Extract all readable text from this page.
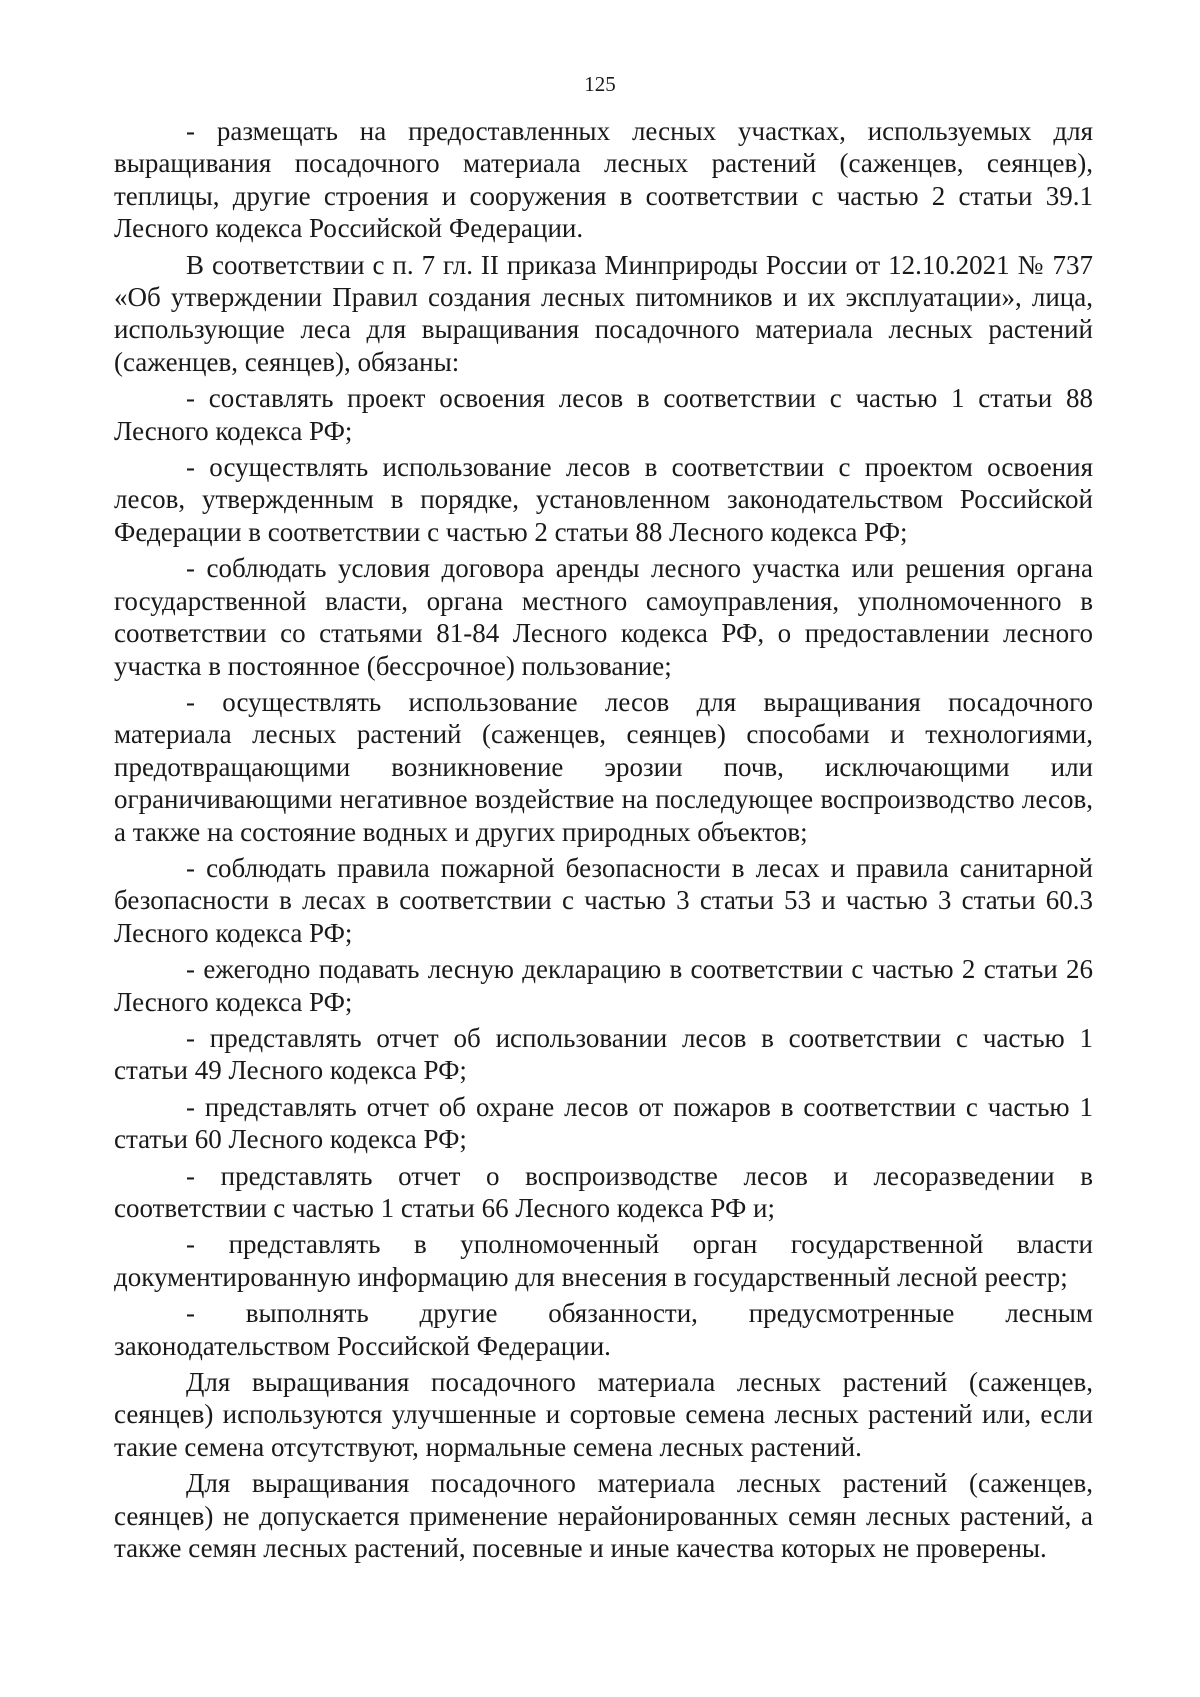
125

- размещать на предоставленных лесных участках, используемых для выращивания посадочного материала лесных растений (саженцев, сеянцев), теплицы, другие строения и сооружения в соответствии с частью 2 статьи 39.1 Лесного кодекса Российской Федерации.

В соответствии с п. 7 гл. II приказа Минприроды России от 12.10.2021 № 737 «Об утверждении Правил создания лесных питомников и их эксплуатации», лица, использующие леса для выращивания посадочного материала лесных растений (саженцев, сеянцев), обязаны:

- составлять проект освоения лесов в соответствии с частью 1 статьи 88 Лесного кодекса РФ;

- осуществлять использование лесов в соответствии с проектом освоения лесов, утвержденным в порядке, установленном законодательством Российской Федерации в соответствии с частью 2 статьи 88 Лесного кодекса РФ;

- соблюдать условия договора аренды лесного участка или решения органа государственной власти, органа местного самоуправления, уполномоченного в соответствии со статьями 81-84 Лесного кодекса РФ, о предоставлении лесного участка в постоянное (бессрочное) пользование;

- осуществлять использование лесов для выращивания посадочного материала лесных растений (саженцев, сеянцев) способами и технологиями, предотвращающими возникновение эрозии почв, исключающими или ограничивающими негативное воздействие на последующее воспроизводство лесов, а также на состояние водных и других природных объектов;

- соблюдать правила пожарной безопасности в лесах и правила санитарной безопасности в лесах в соответствии с частью 3 статьи 53 и частью 3 статьи 60.3 Лесного кодекса РФ;

- ежегодно подавать лесную декларацию в соответствии с частью 2 статьи 26 Лесного кодекса РФ;

- представлять отчет об использовании лесов в соответствии с частью 1 статьи 49 Лесного кодекса РФ;

- представлять отчет об охране лесов от пожаров в соответствии с частью 1 статьи 60 Лесного кодекса РФ;

- представлять отчет о воспроизводстве лесов и лесоразведении в соответствии с частью 1 статьи 66 Лесного кодекса РФ и;

- представлять в уполномоченный орган государственной власти документированную информацию для внесения в государственный лесной реестр;

- выполнять другие обязанности, предусмотренные лесным законодательством Российской Федерации.

Для выращивания посадочного материала лесных растений (саженцев, сеянцев) используются улучшенные и сортовые семена лесных растений или, если такие семена отсутствуют, нормальные семена лесных растений.

Для выращивания посадочного материала лесных растений (саженцев, сеянцев) не допускается применение нерайонированных семян лесных растений, а также семян лесных растений, посевные и иные качества которых не проверены.
